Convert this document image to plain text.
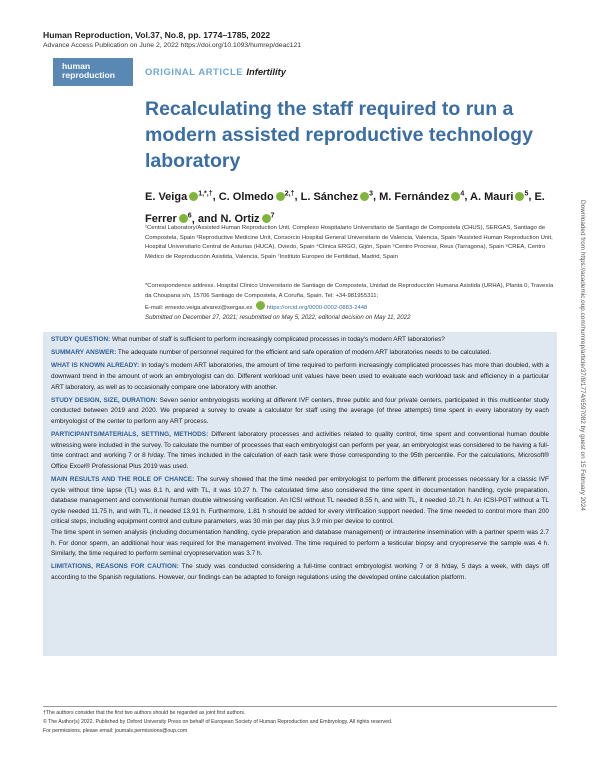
Human Reproduction, Vol.37, No.8, pp. 1774–1785, 2022
Advance Access Publication on June 2, 2022 https://doi.org/10.1093/humrep/deac121
human
reproduction	ORIGINAL ARTICLE Infertility
Recalculating the staff required to run a modern assisted reproductive technology laboratory
E. Veiga $^{1,*,\dagger}$, C. Olmedo $^{2,\dagger}$, L. Sánchez $^3$, M. Fernández $^4$, A. Mauri $^5$, E. Ferrer $^6$, and N. Ortiz $^7$
¹Central Laboratory/Assisted Human Reproduction Unit, Complexo Hospitalario Universitario de Santiago de Compostela (CHUS), SERGAS, Santiago de Compostela, Spain ²Reproductive Medicine Unit, Consorcio Hospital General Universitario de Valencia, Valencia, Spain ³Assisted Human Reproduction Unit, Hospital Universitario Central de Asturias (HUCA), Oviedo, Spain ⁴Clinica ERGO, Gijón, Spain ⁵Centro Procrear, Reus (Tarragona), Spain ⁶CREA, Centro Médico de Reproducción Asistida, Valencia, Spain ⁷Instituto Europeo de Fertilidad, Madrid, Spain
*Correspondence address. Hospital Clínico Universitario de Santiago de Compostela, Unidad de Reproducción Humana Asistida (URHA), Planta 0, Travesía da Choupana s/n, 15706 Santiago de Compostela, A Coruña, Spain. Tel: +34-981955311;
E-mail: ernesto.veiga.alvarez@sergas.es https://orcid.org/0000-0002-0883-2448
Submitted on December 27, 2021; resubmitted on May 5, 2022; editorial decision on May 11, 2022

STUDY QUESTION: What number of staff is sufficient to perform increasingly complicated processes in today's modern ART laboratories?

SUMMARY ANSWER: The adequate number of personnel required for the efficient and safe operation of modern ART laboratories needs to be calculated.

WHAT IS KNOWN ALREADY: In today's modern ART laboratories, the amount of time required to perform increasingly complicated processes has more than doubled, with a downward trend in the amount of work an embryologist can do. Different workload unit values have been used to evaluate each workload task and efficiency in a particular ART laboratory, as well as to occasionally compare one laboratory with another.

STUDY DESIGN, SIZE, DURATION: Seven senior embryologists working at different IVF centers, three public and four private centers, participated in this multicenter study conducted between 2019 and 2020. We prepared a survey to create a calculator for staff using the average (of three attempts) time spent in every laboratory by each embryologist of the center to perform any ART process.

PARTICIPANTS/MATERIALS, SETTING, METHODS: Different laboratory processes and activities related to quality control, time spent and conventional human double witnessing were included in the survey. To calculate the number of processes that each embryologist can perform per year, an embryologist was considered to be having a full-time contract and working 7 or 8 h/day. The times included in the calculation of each task were those corresponding to the 95th percentile. For the calculations, Microsoft® Office Excel® Professional Plus 2019 was used.

MAIN RESULTS AND THE ROLE OF CHANCE: The survey showed that the time needed per embryologist to perform the different processes necessary for a classic IVF cycle without time lapse (TL) was 8.1 h, and with TL, it was 10.27 h. The calculated time also considered the time spent in documentation handling, cycle preparation, database management and conventional human double witnessing verification. An ICSI without TL needed 8.55 h, and with TL, it needed 10.71 h. An ICSI-PGT without a TL cycle needed 11.75 h, and with TL, it needed 13.91 h. Furthermore, 1.81 h should be added for every vitrification support needed. The time needed to control more than 200 critical steps, including equipment control and culture parameters, was 30 min per day plus 3.9 min per device to control.

The time spent in semen analysis (including documentation handling, cycle preparation and database management) or intrauterine insemination with a partner sperm was 2.7 h. For donor sperm, an additional hour was required for the management involved. The time required to perform a testicular biopsy and cryopreserve the sample was 4 h. Similarly, the time required to perform seminal cryopreservation was 3.7 h.

LIMITATIONS, REASONS FOR CAUTION: The study was conducted considering a full-time contract embryologist working 7 or 8 h/day, 5 days a week, with days off according to the Spanish regulations. However, our findings can be adapted to foreign regulations using the developed online calculation platform.

Downloaded from https://academic.oup.com/humrep/article/37/8/1774/6597082 by guest on 15 February 2024
†The authors consider that the first two authors should be regarded as joint first authors.
© The Author(s) 2022. Published by Oxford University Press on behalf of European Society of Human Reproduction and Embryology. All rights reserved.
For permissions, please email: journals.permissions@oup.com
